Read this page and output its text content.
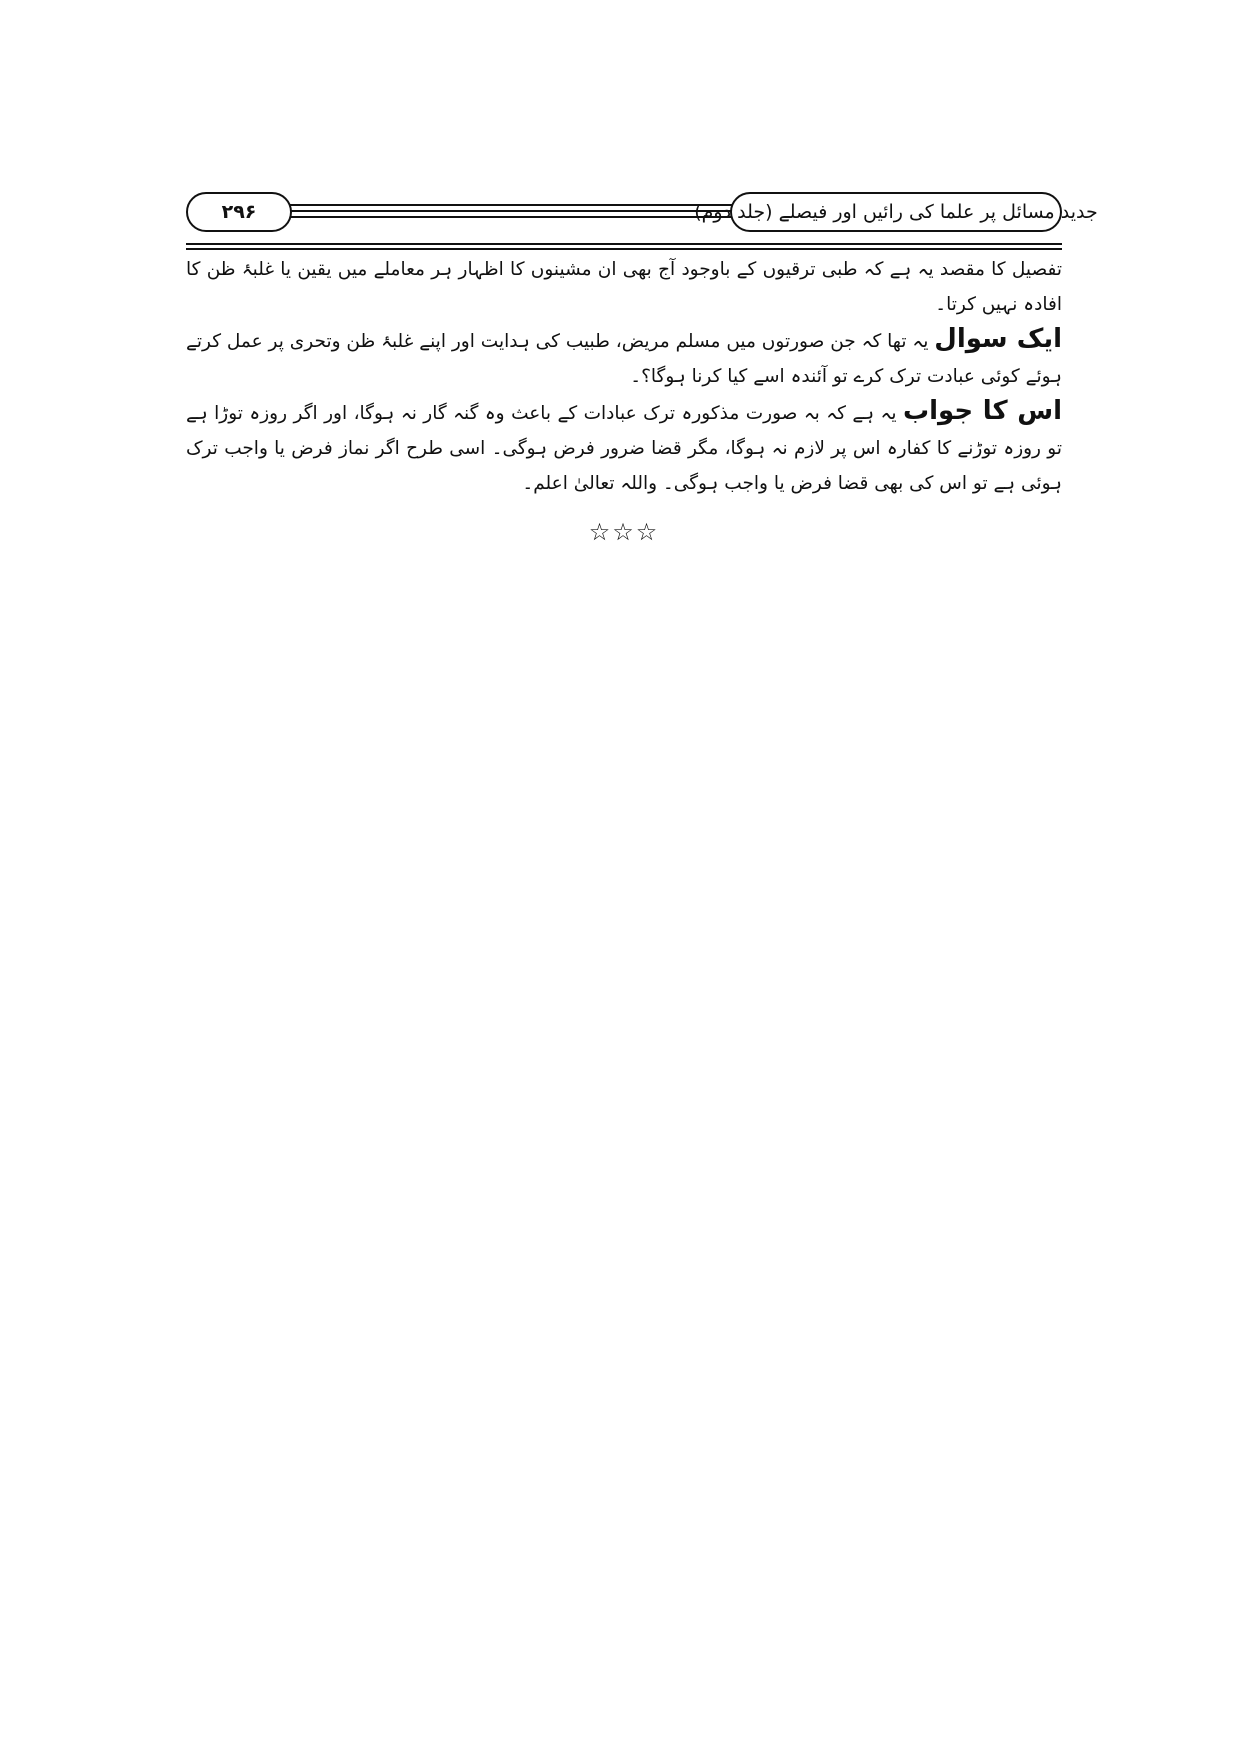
۲۹۶	جدید مسائل پر علما کی رائیں اور فیصلے (جلد دوم)

تفصیل کا مقصد یہ ہے کہ طبی ترقیوں کے باوجود آج بھی ان مشینوں کا اظہار ہر معاملے میں یقین یا غلبۂ ظن کا افادہ نہیں کرتا۔

ایک سوال یہ تھا کہ جن صورتوں میں مسلم مریض، طبیب کی ہدایت اور اپنے غلبۂ ظن وتحری پر عمل کرتے ہوئے کوئی عبادت ترک کرے تو آئندہ اسے کیا کرنا ہوگا؟۔

اس کا جواب یہ ہے کہ بہ صورت مذکورہ ترک عبادات کے باعث وہ گنہ گار نہ ہوگا، اور اگر روزہ توڑا ہے تو روزہ توڑنے کا کفارہ اس پر لازم نہ ہوگا، مگر قضا ضرور فرض ہوگی۔ اسی طرح اگر نماز فرض یا واجب ترک ہوئی ہے تو اس کی بھی قضا فرض یا واجب ہوگی۔ واللہ تعالیٰ اعلم۔

☆☆☆
